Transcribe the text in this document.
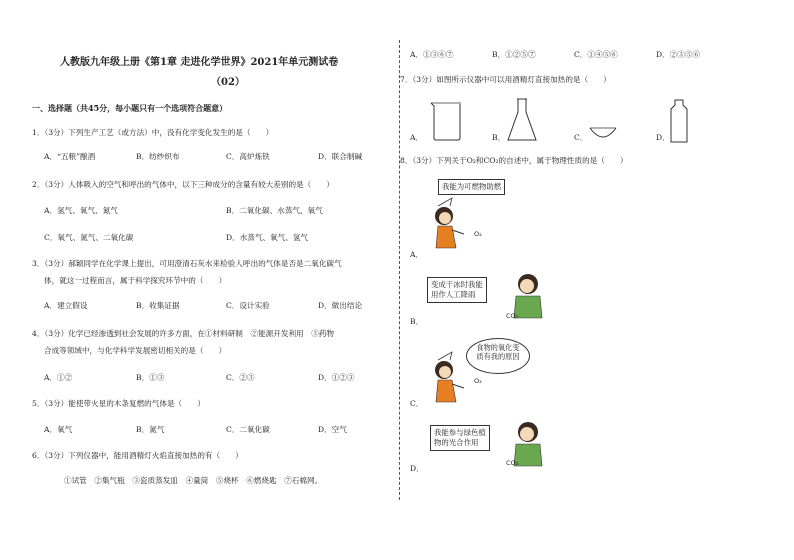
人教版九年级上册《第1章 走进化学世界》2021年单元测试卷
（02）
一、选择题（共45分，每小题只有一个选项符合题意）
1．（3分）下列生产工艺（或方法）中，没有化学变化发生的是（　　）
A．“五粮”酿酒	B．纺纱织布	C．高炉炼铁	D．联合制碱
2．（3分）人体吸入的空气和呼出的气体中，以下三种成分的含量有较大差别的是（　　）
A．氢气、氧气、氮气	B．二氧化碳、水蒸气、氧气
C．氧气、氮气、二氧化碳	D．水蒸气、氧气、氢气
3．（3分）郝颖同学在化学课上提出，可用澄清石灰水来检验人呼出的气体是否是二氧化碳气
体，就这一过程而言，属于科学探究环节中的（　　）
A．建立假设	B．收集证据	C．设计实验	D．做出结论
4．（3分）化学已经渗透到社会发展的许多方面，在①材料研制　②能源开发利用　③药物
合成等领域中，与化学科学发展密切相关的是（　　）
A．①②	B．①③	C．②③	D．①②③
5．（3分）能使带火星的木条复燃的气体是（　　）
A．氧气	B．氮气	C．二氧化碳	D．空气
6．（3分）下列仪器中，能用酒精灯火焰直接加热的有（　　）
①试管　②集气瓶　③瓷质蒸发皿　④量筒　⑤烧杯　⑥燃烧匙　⑦石棉网。
A．①③⑥⑦	B．①②⑤⑦	C．①④⑤⑥	D．②③⑤⑥
7．（3分）如图所示仪器中可以用酒精灯直接加热的是（　　）
A．	B．	C．	D．
8．（3分）下列关于O₂和CO₂的自述中，属于物理性质的是（　　）
我能为可燃物助燃
O₂
A．
变成干冰时我能
用作人工降雨
CO₂
B．
食物的氧化变
质有我的原因
O₂
C．
我能参与绿色植
物的光合作用
CO₂
D．
